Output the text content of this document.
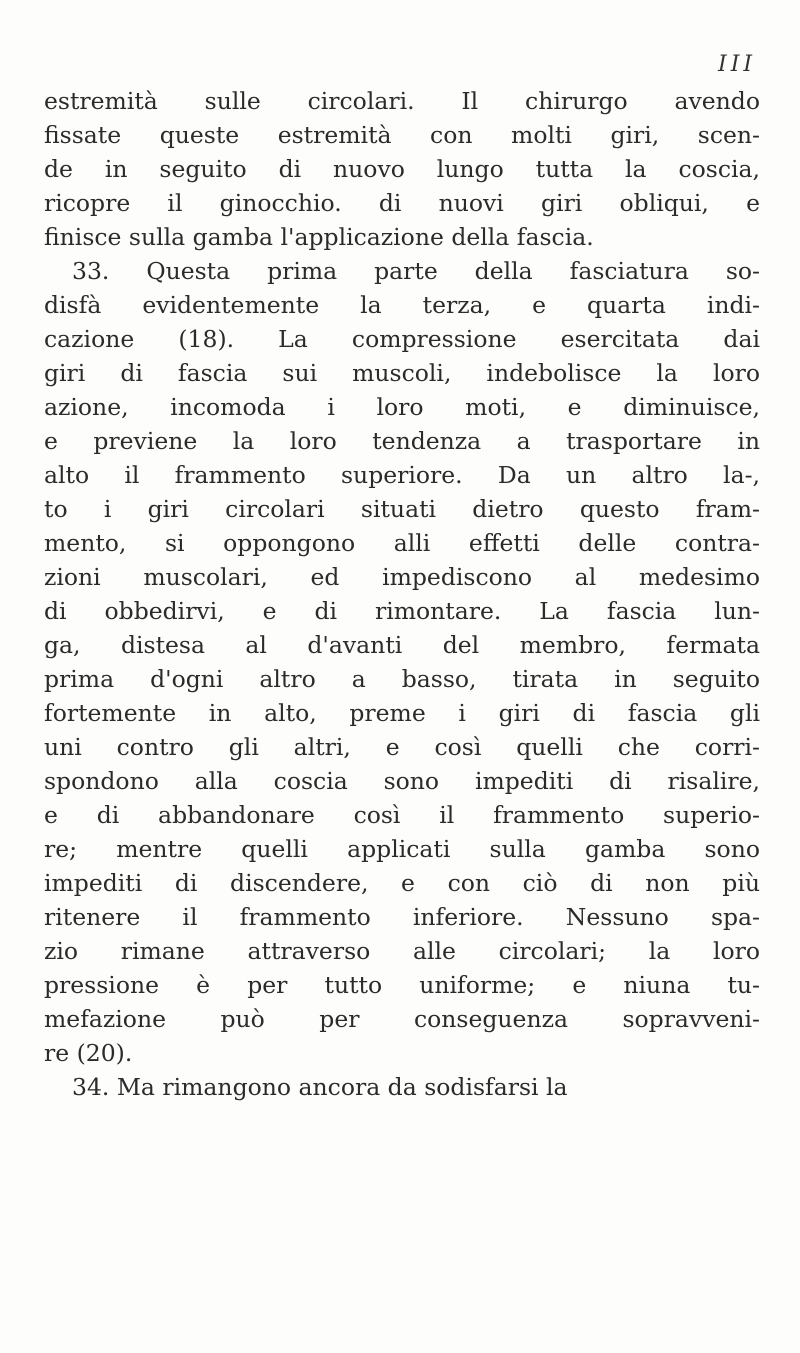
III
estremità sulle circolari. Il chirurgo avendo
fissate queste estremità con molti giri, scen-
de in seguito di nuovo lungo tutta la coscia,
ricopre il ginocchio. di nuovi giri obliqui, e
finisce sulla gamba l'applicazione della fascia.
33. Questa prima parte della fasciatura so-
disfà evidentemente la terza, e quarta indi-
cazione (18). La compressione esercitata dai
giri di fascia sui muscoli, indebolisce la loro
azione, incomoda i loro moti, e diminuisce,
e previene la loro tendenza a trasportare in
alto il frammento superiore. Da un altro la-,
to i giri circolari situati dietro questo fram-
mento, si oppongono alli effetti delle contra-
zioni muscolari, ed impediscono al medesimo
di obbedirvi, e di rimontare. La fascia lun-
ga, distesa al d'avanti del membro, fermata
prima d'ogni altro a basso, tirata in seguito
fortemente in alto, preme i giri di fascia gli
uni contro gli altri, e così quelli che corri-
spondono alla coscia sono impediti di risalire,
e di abbandonare così il frammento superio-
re; mentre quelli applicati sulla gamba sono
impediti di discendere, e con ciò di non più
ritenere il frammento inferiore. Nessuno spa-
zio rimane attraverso alle circolari; la loro
pressione è per tutto uniforme; e niuna tu-
mefazione può per conseguenza sopravveni-
re (20).
34. Ma rimangono ancora da sodisfarsi la
